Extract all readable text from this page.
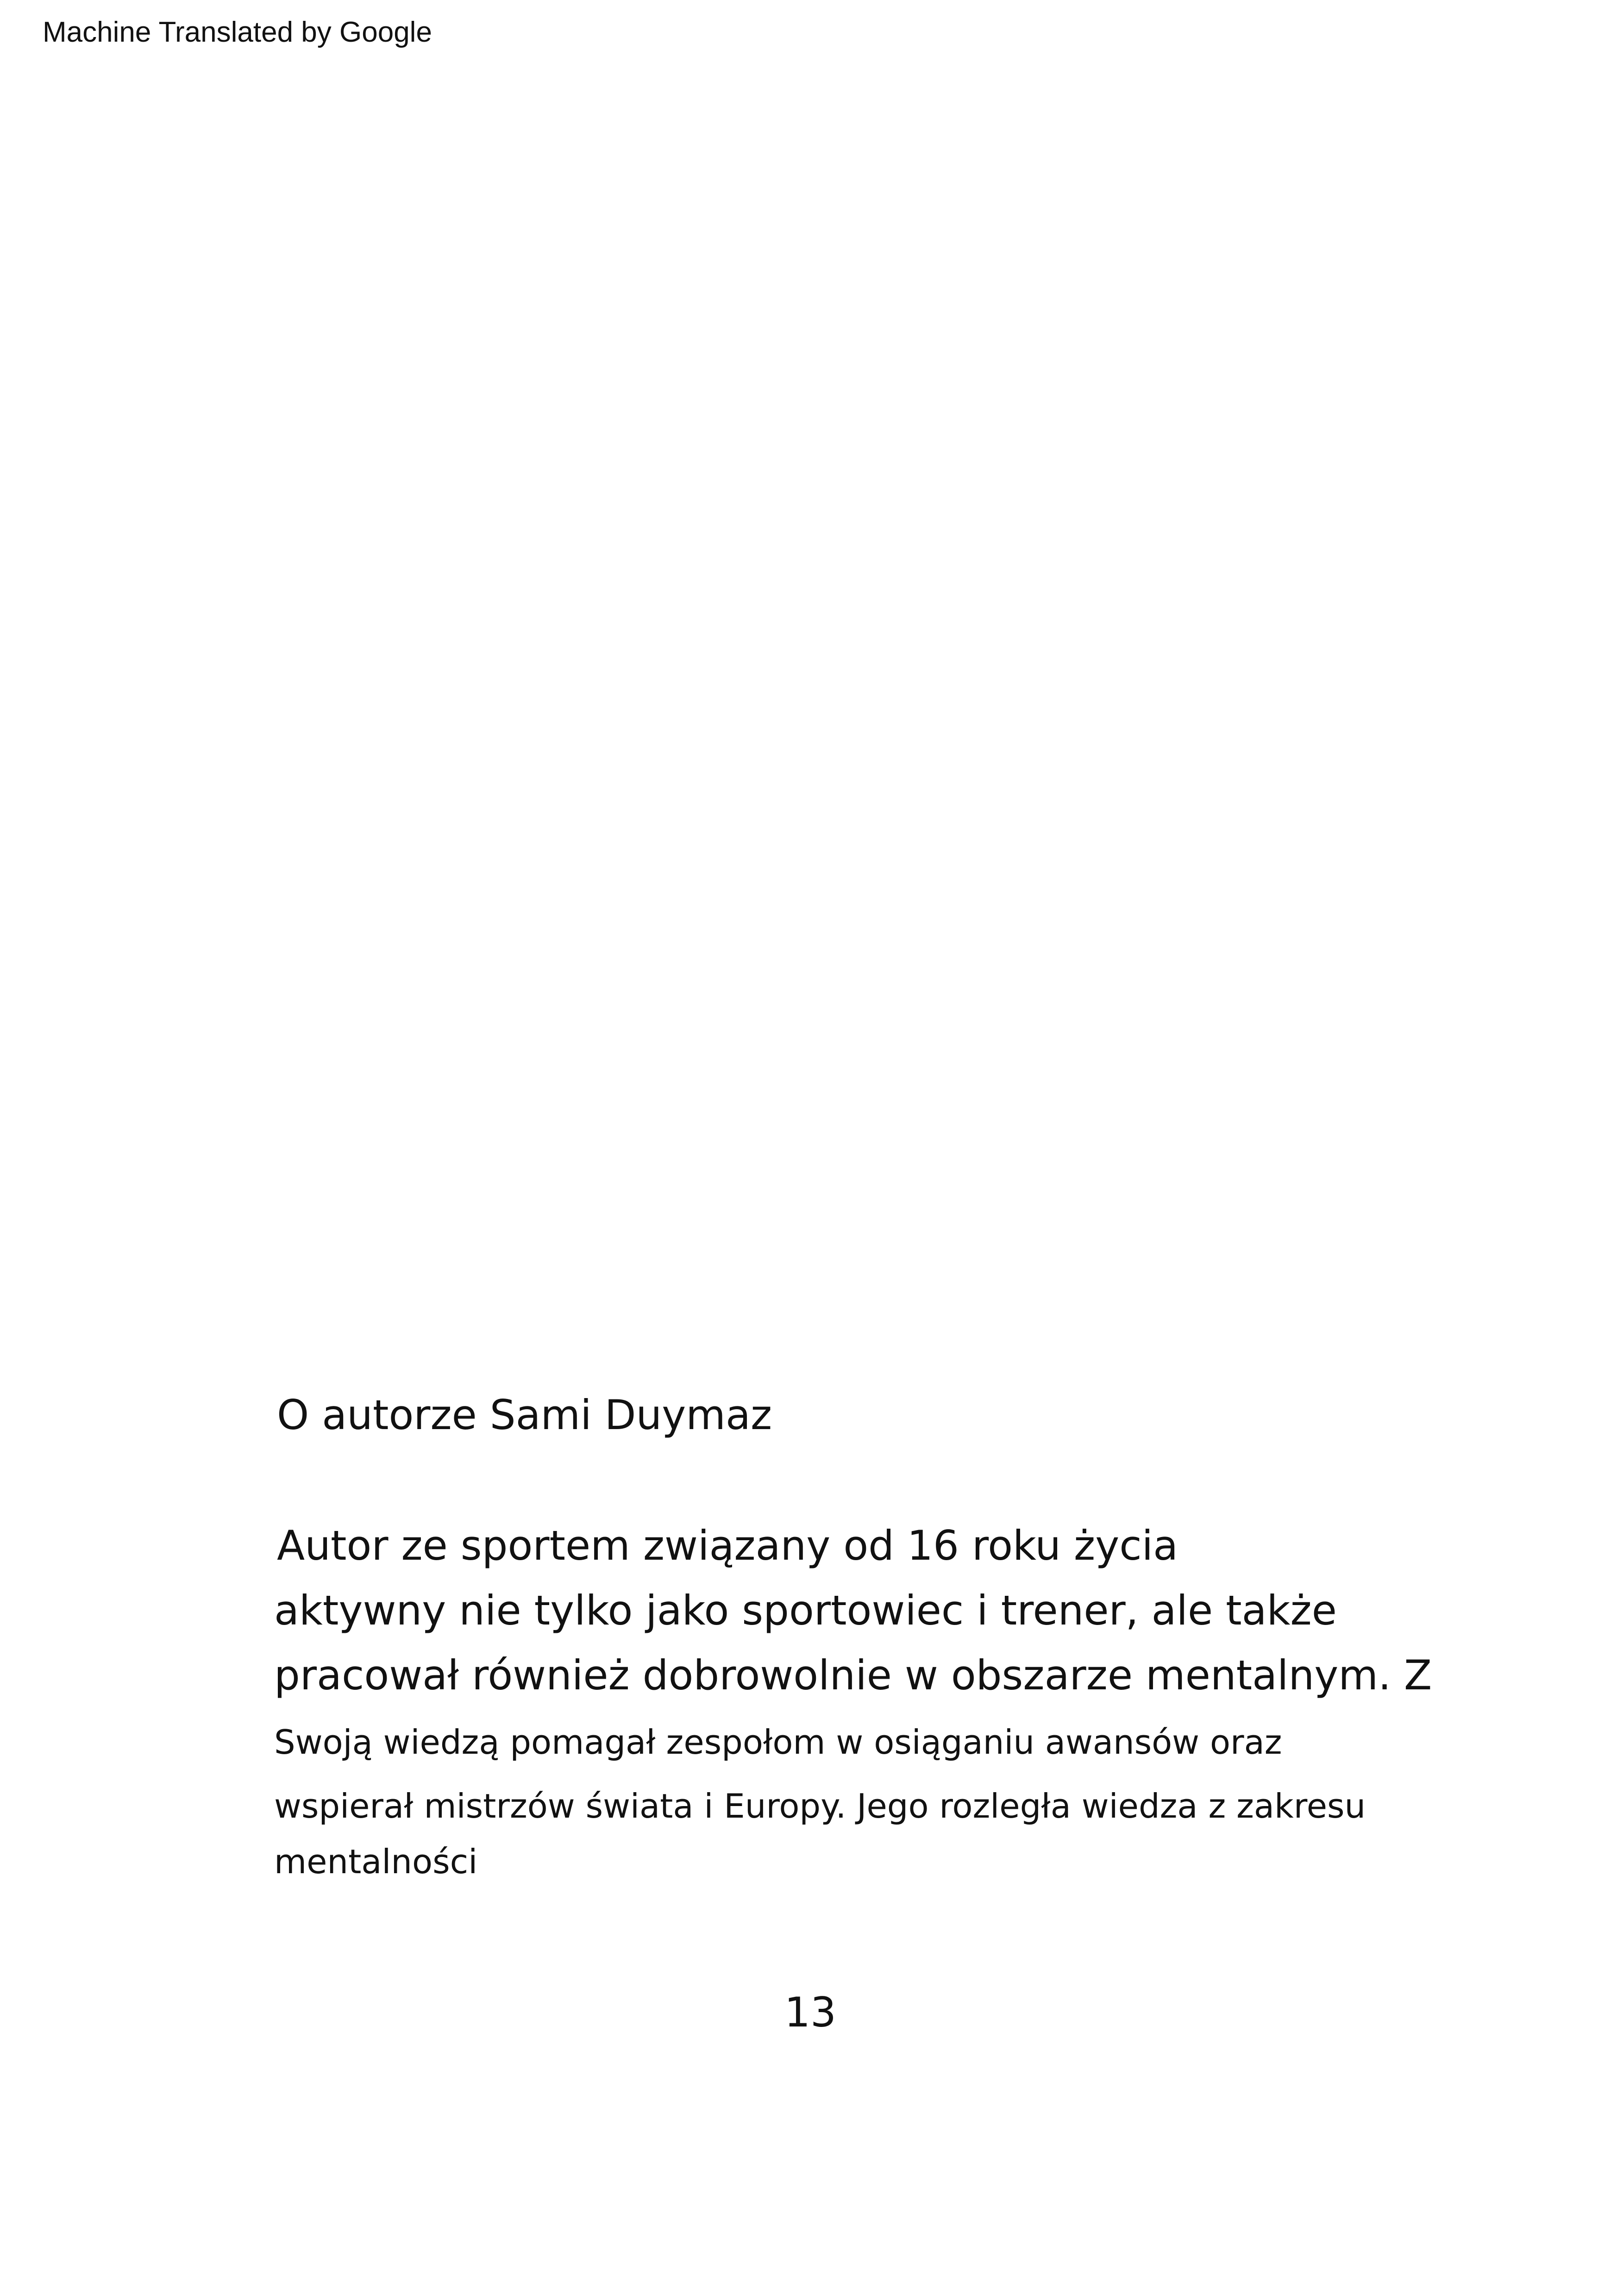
Machine Translated by Google
O autorze Sami Duymaz
Autor ze sportem związany od 16 roku życia
aktywny nie tylko jako sportowiec i trener, ale także
pracował również dobrowolnie w obszarze mentalnym. Z
Swoją wiedzą pomagał zespołom w osiąganiu awansów oraz
wspierał mistrzów świata i Europy. Jego rozległa wiedza z zakresu
mentalności
13
